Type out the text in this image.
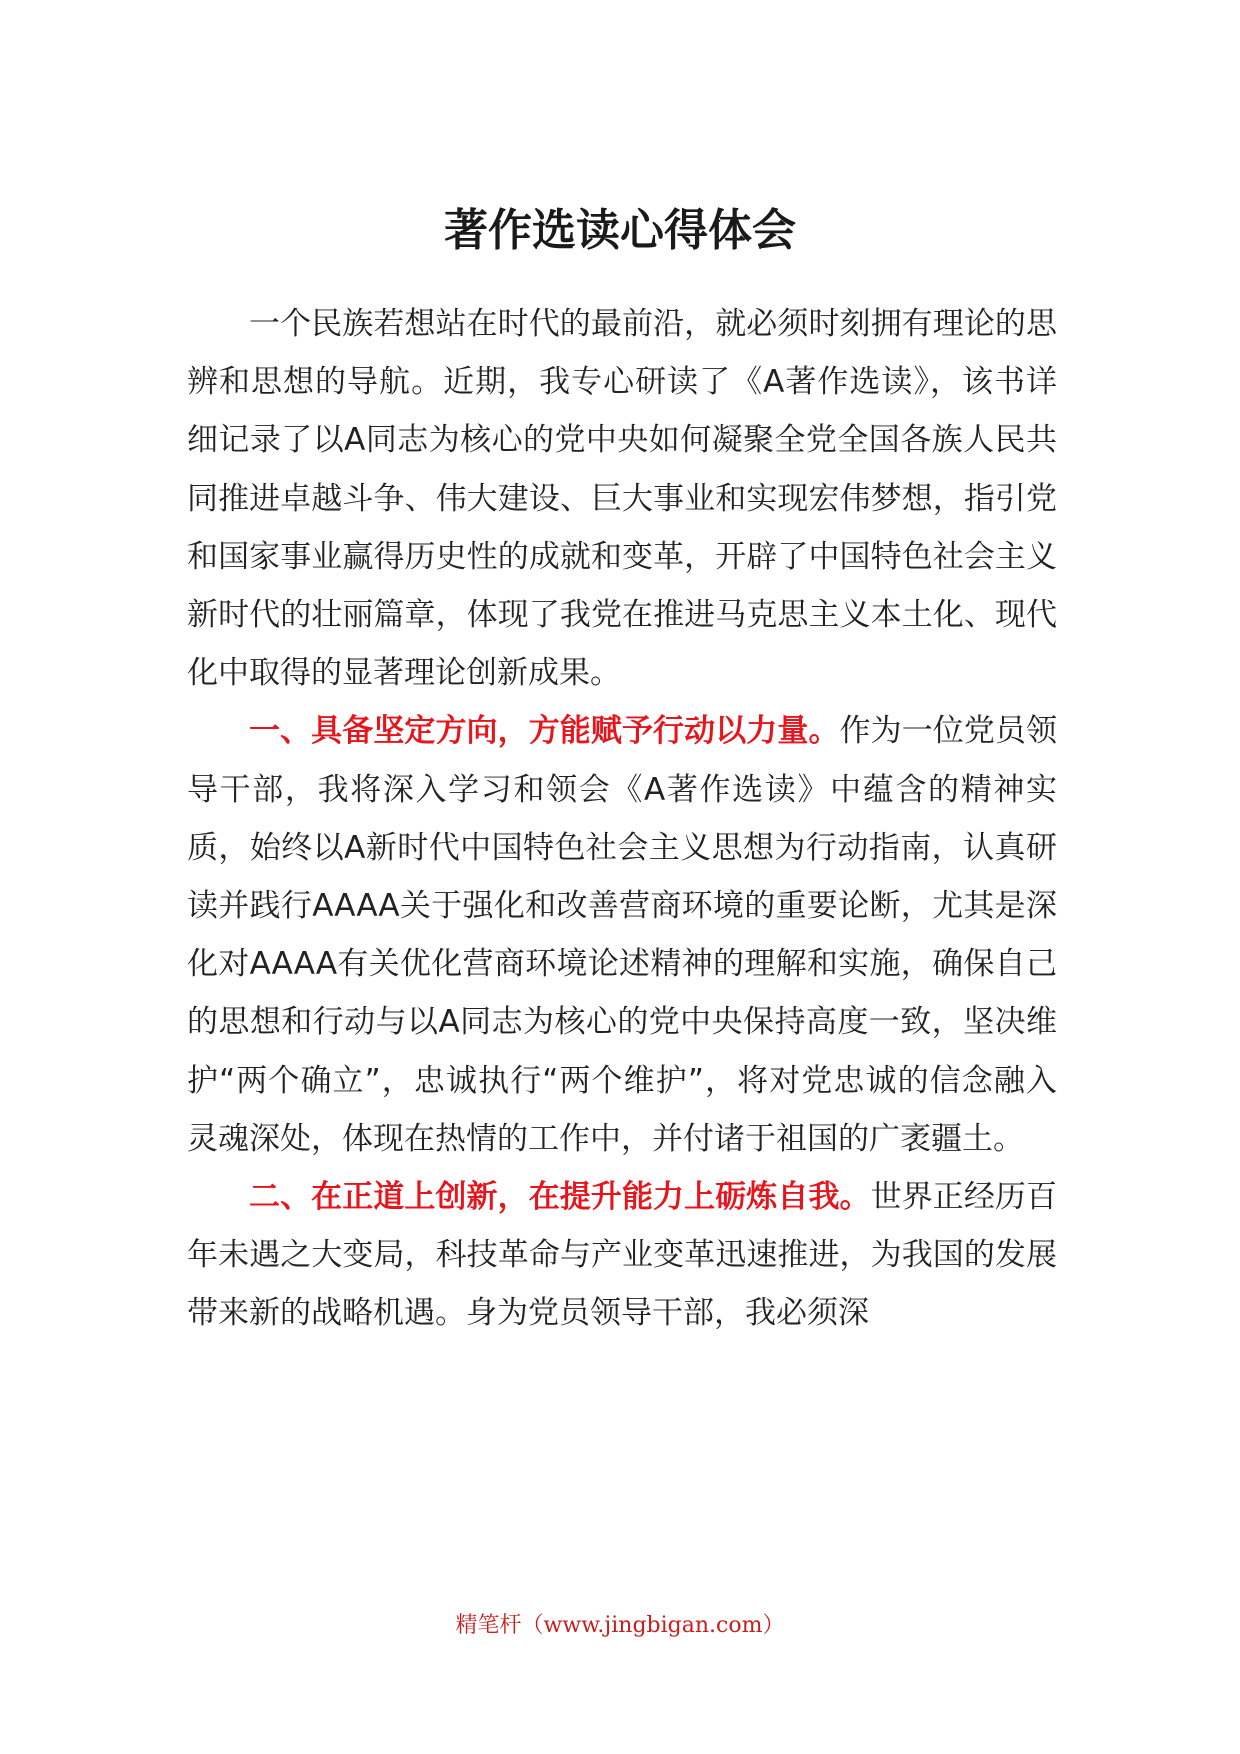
著作选读心得体会

一个民族若想站在时代的最前沿，就必须时刻拥有理论的思辨和思想的导航。近期，我专心研读了《A著作选读》，该书详细记录了以A同志为核心的党中央如何凝聚全党全国各族人民共同推进卓越斗争、伟大建设、巨大事业和实现宏伟梦想，指引党和国家事业赢得历史性的成就和变革，开辟了中国特色社会主义新时代的壮丽篇章，体现了我党在推进马克思主义本土化、现代化中取得的显著理论创新成果。

一、具备坚定方向，方能赋予行动以力量。作为一位党员领导干部，我将深入学习和领会《A著作选读》中蕴含的精神实质，始终以A新时代中国特色社会主义思想为行动指南，认真研读并践行AAAA关于强化和改善营商环境的重要论断，尤其是深化对AAAA有关优化营商环境论述精神的理解和实施，确保自己的思想和行动与以A同志为核心的党中央保持高度一致，坚决维护“两个确立”，忠诚执行“两个维护”，将对党忠诚的信念融入灵魂深处，体现在热情的工作中，并付诸于祖国的广袤疆土。

二、在正道上创新，在提升能力上砺炼自我。世界正经历百年未遇之大变局，科技革命与产业变革迅速推进，为我国的发展带来新的战略机遇。身为党员领导干部，我必须深

精笔杆（www.jingbigan.com）
